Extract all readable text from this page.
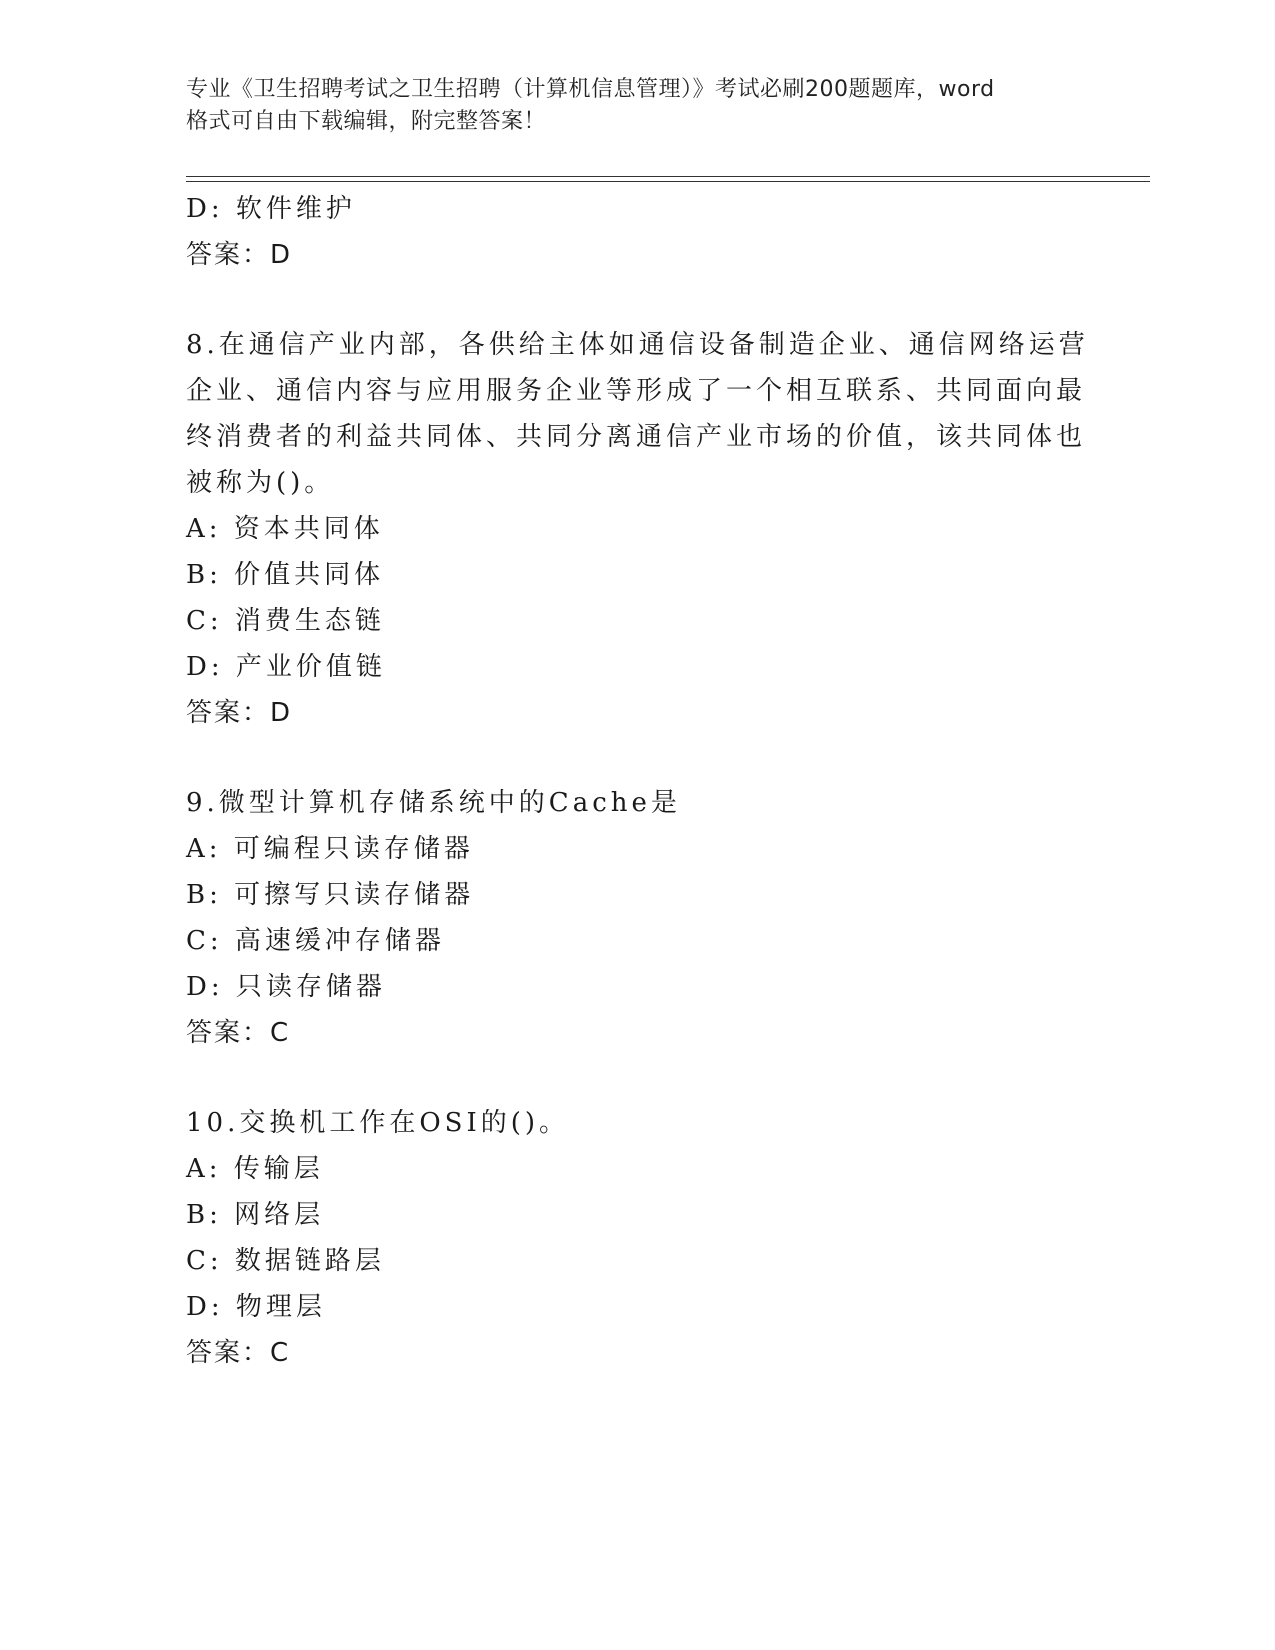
专业《卫生招聘考试之卫生招聘（计算机信息管理）》考试必刷200题题库，word
格式可自由下载编辑，附完整答案！
D: 软件维护
答案：D
8.在通信产业内部，各供给主体如通信设备制造企业、通信网络运营
企业、通信内容与应用服务企业等形成了一个相互联系、共同面向最
终消费者的利益共同体、共同分离通信产业市场的价值，该共同体也
被称为()。
A: 资本共同体
B: 价值共同体
C: 消费生态链
D: 产业价值链
答案：D
9.微型计算机存储系统中的Cache是
A: 可编程只读存储器
B: 可擦写只读存储器
C: 高速缓冲存储器
D: 只读存储器
答案：C
10.交换机工作在OSI的()。
A: 传输层
B: 网络层
C: 数据链路层
D: 物理层
答案：C
